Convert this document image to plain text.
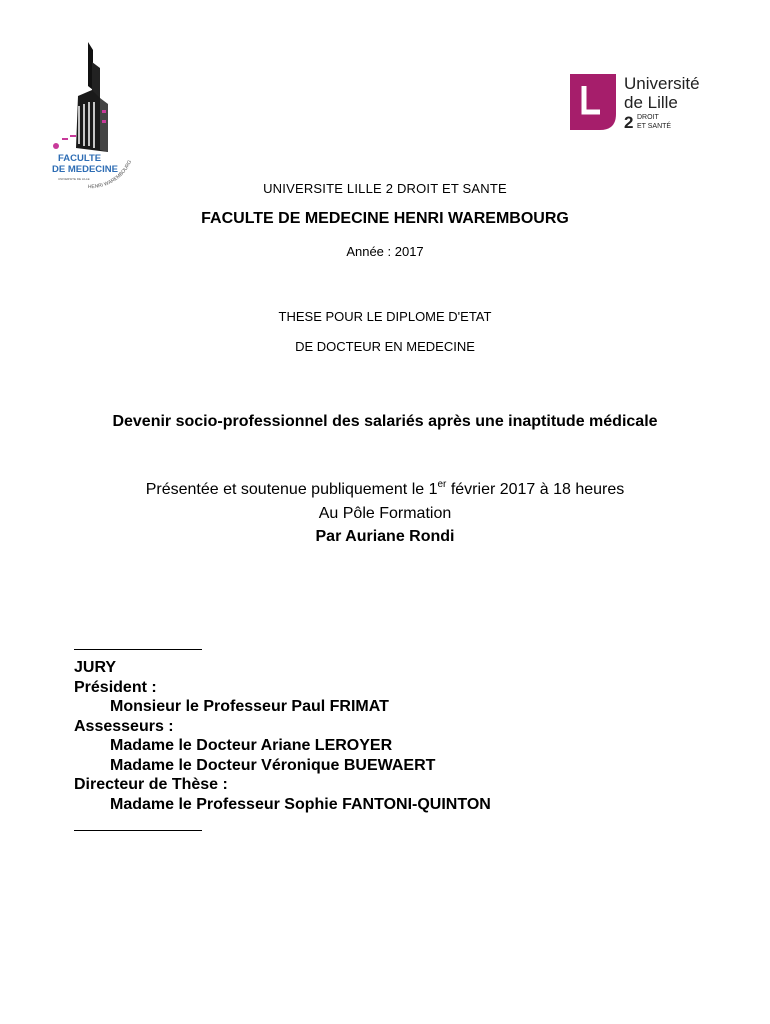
FACULTE
DE MEDECINE
UNIVERSITE DE LILLE
HENRI WAREMBOURG
Université
de Lille
2 DROIT
ET SANTÉ
UNIVERSITE LILLE 2 DROIT ET SANTE
FACULTE DE MEDECINE HENRI WAREMBOURG
Année : 2017
THESE POUR LE DIPLOME D'ETAT
DE DOCTEUR EN MEDECINE
Devenir socio-professionnel des salariés après une inaptitude médicale
Présentée et soutenue publiquement le 1er février 2017 à 18 heures
Au Pôle Formation
Par Auriane Rondi
JURY
Président :
Monsieur le Professeur Paul FRIMAT
Assesseurs :
Madame le Docteur Ariane LEROYER
Madame le Docteur Véronique BUEWAERT
Directeur de Thèse :
Madame le Professeur Sophie FANTONI-QUINTON
